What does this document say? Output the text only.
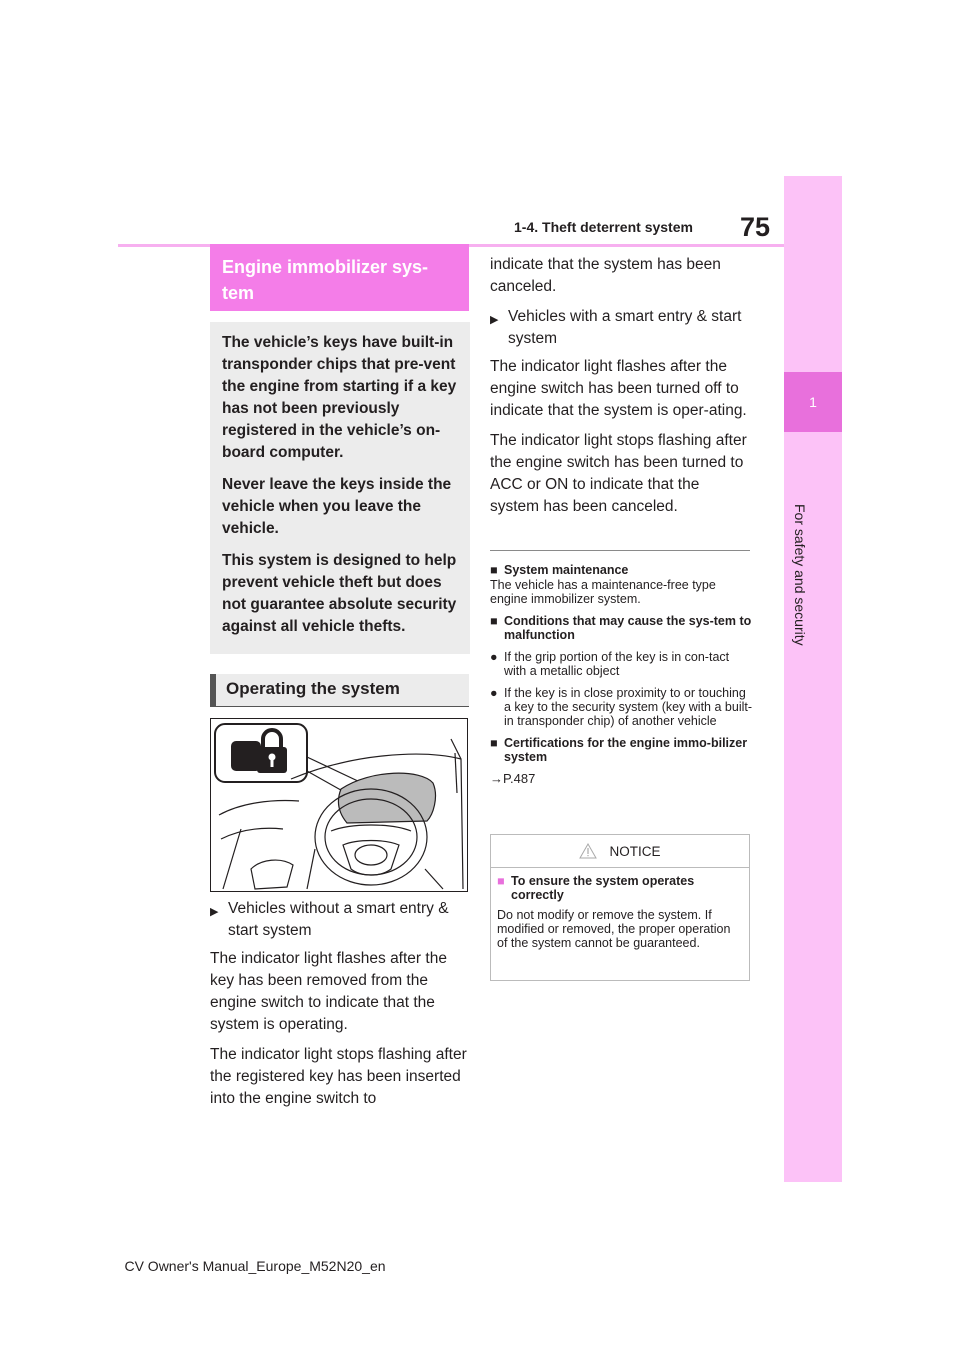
1
For safety and security
1-4. Theft deterrent system 75
Engine immobilizer sys-tem

The vehicle’s keys have built-in transponder chips that pre-vent the engine from starting if a key has not been previously registered in the vehicle’s on-board computer.

Never leave the keys inside the vehicle when you leave the vehicle.

This system is designed to help prevent vehicle theft but does not guarantee absolute security against all vehicle thefts.

Operating the system
▶ Vehicles without a smart entry & start system

The indicator light flashes after the key has been removed from the engine switch to indicate that the system is operating.

The indicator light stops flashing after the registered key has been inserted into the engine switch to

indicate that the system has been canceled.

▶ Vehicles with a smart entry & start system

The indicator light flashes after the engine switch has been turned off to indicate that the system is oper-ating.

The indicator light stops flashing after the engine switch has been turned to ACC or ON to indicate that the system has been canceled.

■ System maintenance

The vehicle has a maintenance-free type engine immobilizer system.

■ Conditions that may cause the sys-tem to malfunction
● If the grip portion of the key is in con-tact with a metallic object
● If the key is in close proximity to or touching a key to the security system (key with a built-in transponder chip) of another vehicle
■ Certifications for the engine immo-bilizer system

→P.487

NOTICE
■ To ensure the system operates correctly

Do not modify or remove the system. If modified or removed, the proper operation of the system cannot be guaranteed.

CV Owner's Manual_Europe_M52N20_en
